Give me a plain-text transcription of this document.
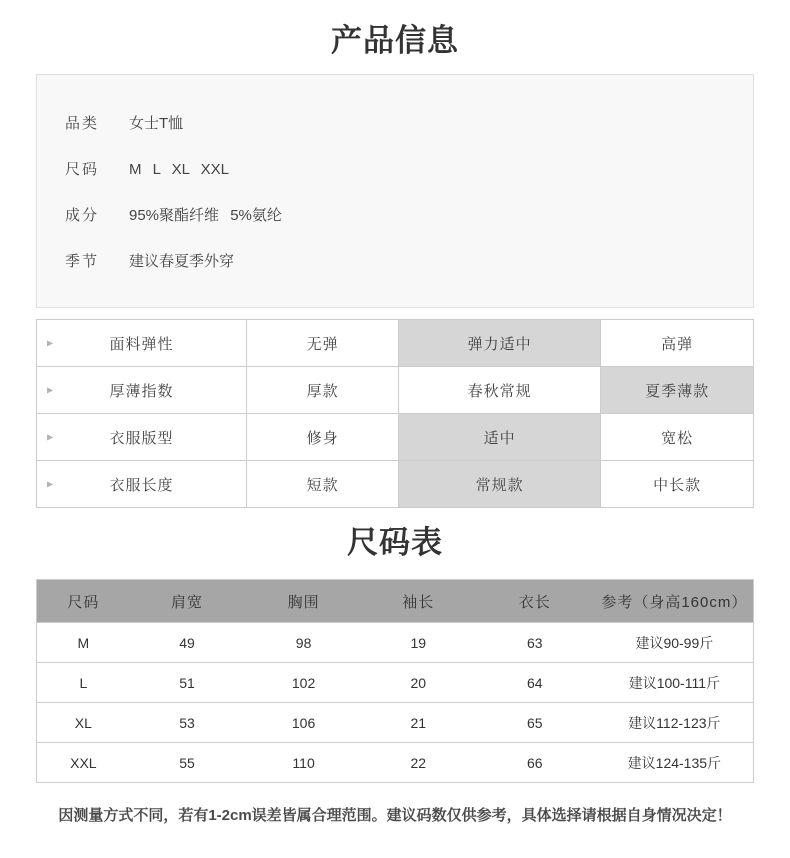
产品信息
品类	女士T恤
尺码	M L XL XXL
成分	95%聚酯纤维 5%氨纶
季节	建议春夏季外穿
▶ 面料弹性	无弹	弹力适中	高弹

▶ 厚薄指数	厚款	春秋常规	夏季薄款

▶ 衣服版型	修身	适中	宽松

▶ 衣服长度	短款	常规款	中长款
尺码表
尺码	肩宽	胸围	袖长	衣长	参考（身高160cm）
M	49	98	19	63	建议90-99斤
L	51	102	20	64	建议100-111斤
XL	53	106	21	65	建议112-123斤
XXL	55	110	22	66	建议124-135斤
因测量方式不同，若有1-2cm误差皆属合理范围。建议码数仅供参考，具体选择请根据自身情况决定！
